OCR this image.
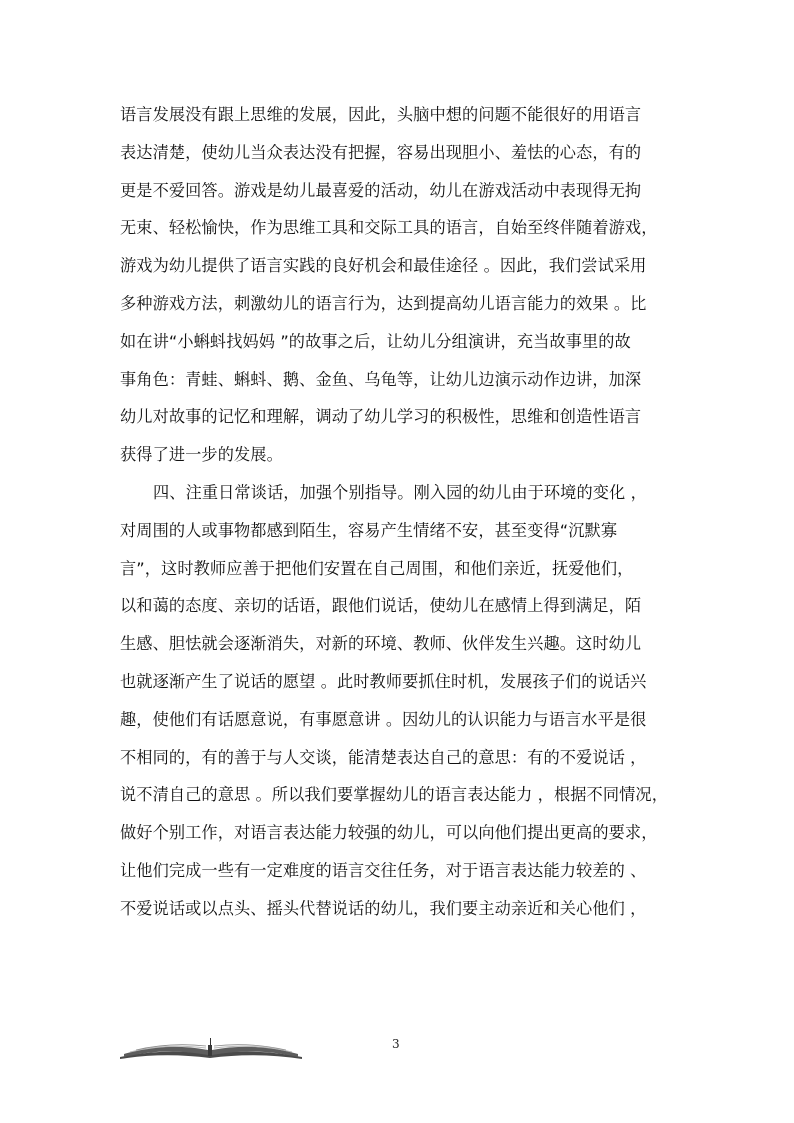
语言发展没有跟上思维的发展，因此，头脑中想的问题不能很好的用语言
表达清楚，使幼儿当众表达没有把握，容易出现胆小、羞怯的心态，有的
更是不爱回答。游戏是幼儿最喜爱的活动，幼儿在游戏活动中表现得无拘
无束、轻松愉快，作为思维工具和交际工具的语言，自始至终伴随着游戏，
游戏为幼儿提供了语言实践的良好机会和最佳途径 。因此，我们尝试采用
多种游戏方法，刺激幼儿的语言行为，达到提高幼儿语言能力的效果 。比
如在讲“小蝌蚪找妈妈 ”的故事之后，让幼儿分组演讲，充当故事里的故
事角色：青蛙、蝌蚪、鹅、金鱼、乌龟等，让幼儿边演示动作边讲，加深
幼儿对故事的记忆和理解，调动了幼儿学习的积极性，思维和创造性语言
获得了进一步的发展。
四、注重日常谈话，加强个别指导。刚入园的幼儿由于环境的变化 ，
对周围的人或事物都感到陌生，容易产生情绪不安，甚至变得“沉默寡
言”，这时教师应善于把他们安置在自己周围，和他们亲近，抚爱他们，
以和蔼的态度、亲切的话语，跟他们说话，使幼儿在感情上得到满足，陌
生感、胆怯就会逐渐消失，对新的环境、教师、伙伴发生兴趣。这时幼儿
也就逐渐产生了说话的愿望 。此时教师要抓住时机，发展孩子们的说话兴
趣，使他们有话愿意说，有事愿意讲 。因幼儿的认识能力与语言水平是很
不相同的，有的善于与人交谈，能清楚表达自己的意思：有的不爱说话 ，
说不清自己的意思 。所以我们要掌握幼儿的语言表达能力 ，根据不同情况，
做好个别工作，对语言表达能力较强的幼儿，可以向他们提出更高的要求，
让他们完成一些有一定难度的语言交往任务，对于语言表达能力较差的 、
不爱说话或以点头、摇头代替说话的幼儿，我们要主动亲近和关心他们 ，
3
